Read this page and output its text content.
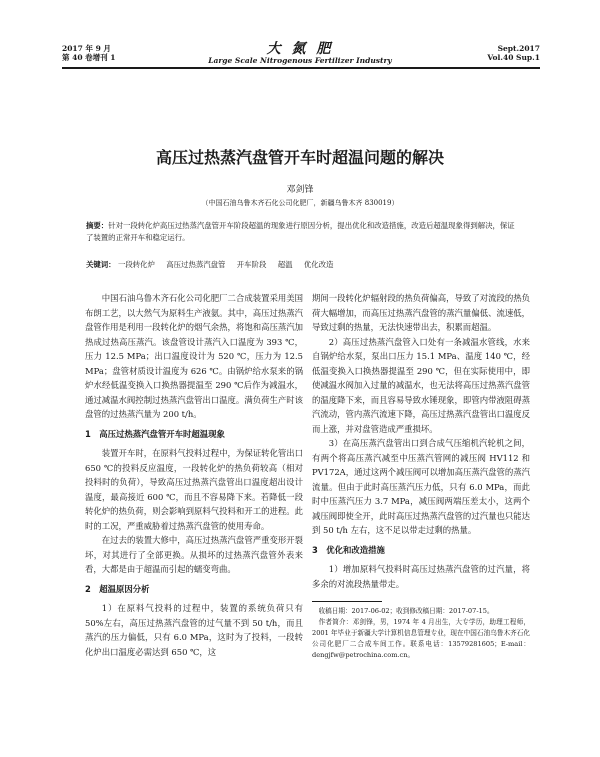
2017 年 9 月
第 40 卷增刊 1
大 氮 肥
Large Scale Nitrogenous Fertilizer Industry
Sept.2017
Vol.40 Sup.1
高压过热蒸汽盘管开车时超温问题的解决
邓剑锋
（中国石油乌鲁木齐石化公司化肥厂，新疆乌鲁木齐 830019）
摘要：针对一段转化炉高压过热蒸汽盘管开车阶段超温的现象进行原因分析，提出优化和改造措施，改造后超温现象得到解决，保证了装置的正常开车和稳定运行。
关键词： 一段转化炉 高压过热蒸汽盘管 开车阶段 超温 优化改造

中国石油乌鲁木齐石化公司化肥厂二合成装置采用美国布朗工艺，以大然气为原料生产液氨。其中，高压过热蒸汽盘管作用是利用一段转化炉的烟气余热，将饱和高压蒸汽加热成过热高压蒸汽。该盘管设计蒸汽入口温度为 393 ℃，压力 12.5 MPa；出口温度设计为 520 ℃，压力为 12.5 MPa；盘管材质设计温度为 626 ℃。由锅炉给水泵来的锅炉水经低温变换入口换热器提温至 290 ℃后作为减温水，通过减温水阀控制过热蒸汽盘管出口温度。满负荷生产时该盘管的过热蒸汽量为 200 t/h。

1　高压过热蒸汽盘管开车时超温现象

装置开车时，在原料气投料过程中，为保证转化管出口 650 ℃的投料反应温度，一段转化炉的热负荷较高（相对投料时的负荷），导致高压过热蒸汽盘管出口温度超出设计温度，最高接近 600 ℃，而且不容易降下来。若降低一段转化炉的热负荷，则会影响到原料气投料和开工的进程。此时的工况，严重威胁着过热蒸汽盘管的使用寿命。

在过去的装置大修中，高压过热蒸汽盘管严重变形开裂坏，对其进行了全部更换。从损坏的过热蒸汽盘管外表来看，大都是由于超温而引起的蠕变弯曲。

2　超温原因分析

1）在原料气投料的过程中，装置的系统负荷只有 50%左右，高压过热蒸汽盘管的过气量不到 50 t/h，而且蒸汽的压力偏低，只有 6.0 MPa，这时为了投料，一段转化炉出口温度必需达到 650 ℃，这

期间一段转化炉辐射段的热负荷偏高，导致了对流段的热负荷大幅增加，而高压过热蒸汽盘管的蒸汽量偏低、流速低，导致过剩的热量，无法快速带出去，积累而超温。

2）高压过热蒸汽盘管入口处有一条减温水管线，水来自锅炉给水泵，泵出口压力 15.1 MPa、温度 140 ℃，经低温变换入口换热器提温至 290 ℃，但在实际使用中，即使减温水阀加入过量的减温水，也无法将高压过热蒸汽盘管的温度降下来，而且容易导致水锤现象，即管内带液阻碍蒸汽流动，管内蒸汽流速下降，高压过热蒸汽盘管出口温度反而上涨，并对盘管造成严重损坏。

3）在高压蒸汽盘管出口到合成气压缩机汽轮机之间，有两个将高压蒸汽减至中压蒸汽管网的减压阀 HV112 和 PV172A，通过这两个减压阀可以增加高压蒸汽盘管的蒸汽流量。但由于此时高压蒸汽压力低，只有 6.0 MPa，而此时中压蒸汽压力 3.7 MPa，减压阀两端压差太小，这两个减压阀即使全开，此时高压过热蒸汽盘管的过汽量也只能达到 50 t/h 左右，这不足以带走过剩的热量。

3　优化和改造措施

1）增加原料气投料时高压过热蒸汽盘管的过汽量，将多余的对流段热量带走。

收稿日期：2017-06-02；收到修改稿日期：2017-07-15。

作者简介：邓剑锋，男，1974 年 4 月出生，大专学历，助理工程师，2001 年毕业于新疆大学计算机信息管理专业，现在中国石油乌鲁木齐石化公司化肥厂二合成车间工作。联系电话：13579281605；E-mail：dengjfw@petrochina.com.cn。
